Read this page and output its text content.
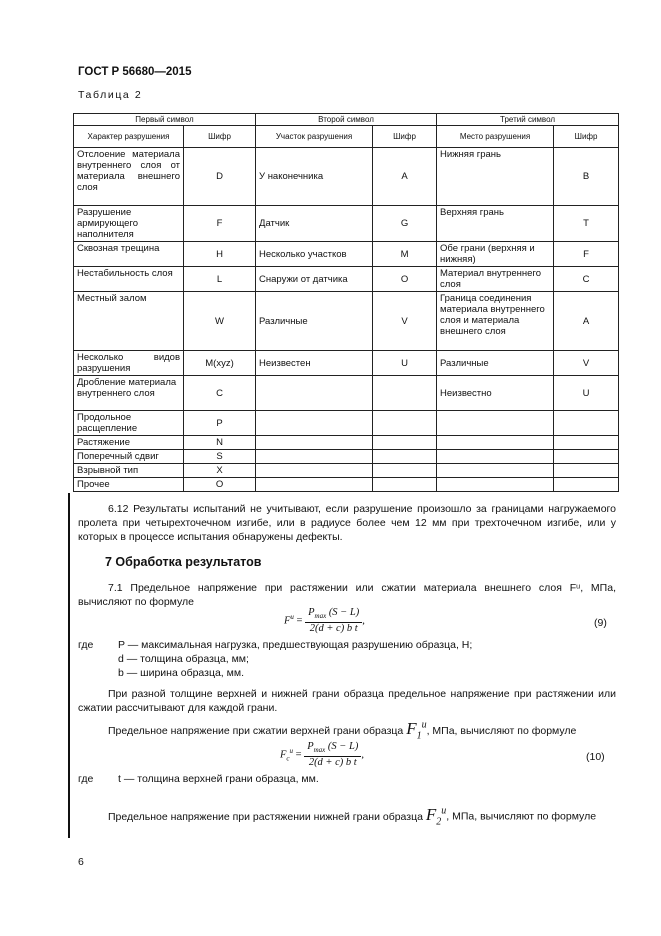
ГОСТ Р 56680—2015
Таблица 2
Первый символ		Второй символ		Третий символ	
Характер разрушения	Шифр	Участок разрушения	Шифр	Место разрушения	Шифр
Отслоение материала внутреннего слоя от материала внешнего слоя	D	У наконечника	A	Нижняя грань	B
Разрушение армирующего наполнителя	F	Датчик	G	Верхняя грань	T
Сквозная трещина	H	Несколько участков	M	Обе грани (верхняя и нижняя)	F
Нестабильность слоя	L	Снаружи от датчика	O	Материал внутреннего слоя	C
Местный залом	W	Различные	V	Граница соединения материала внутреннего слоя и материала внешнего слоя	A
Несколько видов разрушения	M(xyz)	Неизвестен	U	Различные	V
Дробление материала внутреннего слоя	C			Неизвестно	U
Продольное расщепление	P				
Растяжение	N				
Поперечный сдвиг	S				
Взрывной тип	X				
Прочее	O				

6.12 Результаты испытаний не учитывают, если разрушение произошло за границами нагружаемого пролета при четырехточечном изгибе, или в радиусе более чем 12 мм при трехточечном изгибе, или у которых в процессе испытания обнаружены дефекты.

7 Обработка результатов

7.1 Предельное напряжение при растяжении или сжатии материала внешнего слоя Fᵘ, МПа, вычисляют по формуле

$F^u = \frac{P_{max} (S - L)}{\text{2(d + c) b t}}$ ,	(9)
где P — максимальная нагрузка, предшествующая разрушению образца, Н;
d — толщина образца, мм;
b — ширина образца, мм.

При разной толщине верхней и нижней грани образца предельное напряжение при растяжении или сжатии рассчитывают для каждой грани.

Предельное напряжение при сжатии верхней грани образца $F_1^u$, МПа, вычисляют по формуле
$F_c^u = \frac{P_{max} (S - L)}{\text{2(d + c) b t}}$ ,	(10)
где t — толщина верхней грани образца, мм.
Предельное напряжение при растяжении нижней грани образца $F_2^u$, МПа, вычисляют по формуле
6
